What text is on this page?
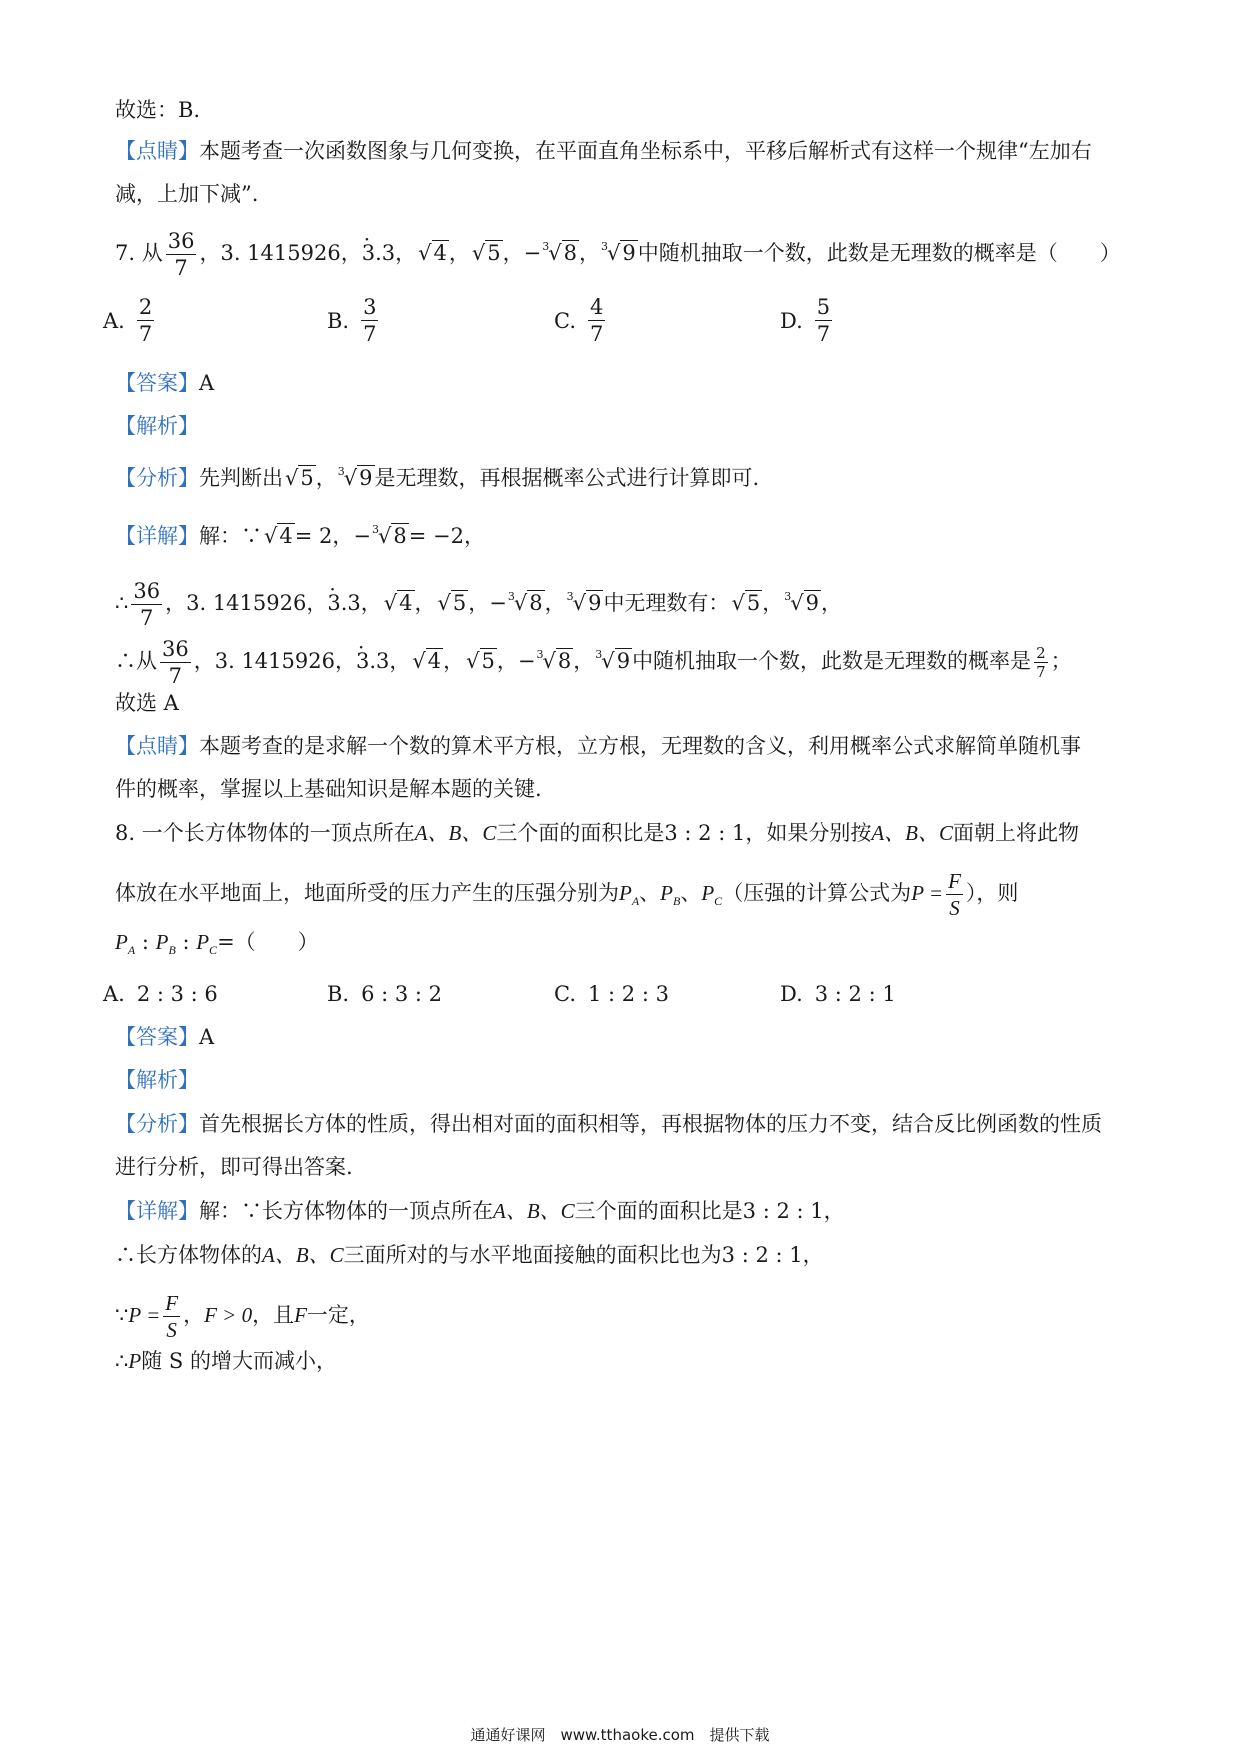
故选：B.
【点睛】本题考查一次函数图象与几何变换，在平面直角坐标系中，平移后解析式有这样一个规律“左加右
减，上加下减”.
7. 从 $\frac{36}{7}$ ，3. 1415926，3.3 ·，√4，√5，− 3 √8， 3 √9中随机抽取一个数，此数是无理数的概率是（　　）
A. $\frac{2}{7}$	B. $\frac{3}{7}$	C. $\frac{4}{7}$	D. $\frac{5}{7}$
【答案】A
【解析】
【分析】先判断出√5， 3 √9是无理数，再根据概率公式进行计算即可.
【详解】解：∵√4= 2，− 3 √8= −2，
∴ $\frac{36}{7}$ ，3. 1415926，3.3 ·，√4，√5，− 3 √8， 3 √9中无理数有：√5， 3 √9，
∴从 $\frac{36}{7}$ ，3. 1415926，3.3 ·，√4，√5，− 3 √8， 3 √9中随机抽取一个数，此数是无理数的概率是 $\frac{2}{7}$ ；
故选 A
【点睛】本题考查的是求解一个数的算术平方根，立方根，无理数的含义，利用概率公式求解简单随机事
件的概率，掌握以上基础知识是解本题的关键.
8. 一个长方体物体的一顶点所在A、B、C三个面的面积比是3 : 2 : 1，如果分别按A、B、C面朝上将此物
体放在水平地面上，地面所受的压力产生的压强分别为$P_A$、$P_B$、$P_C$（压强的计算公式为$P = \frac{F}{S}$ ），则
$P_A$ : $P_B$ : $P_C=$（　　）
A. 2 : 3 : 6	B. 6 : 3 : 2	C. 1 : 2 : 3	D. 3 : 2 : 1
【答案】A
【解析】
【分析】首先根据长方体的性质，得出相对面的面积相等，再根据物体的压力不变，结合反比例函数的性质
进行分析，即可得出答案.
【详解】解：∵长方体物体的一顶点所在A、B、C三个面的面积比是3 : 2 : 1，
∴长方体物体的A、B、C三面所对的与水平地面接触的面积比也为3 : 2 : 1，
∵P = $\frac{F}{S}$ ，F > 0，且F一定，
∴P随 S 的增大而减小，
通通好课网　www.tthaoke.com　提供下载
